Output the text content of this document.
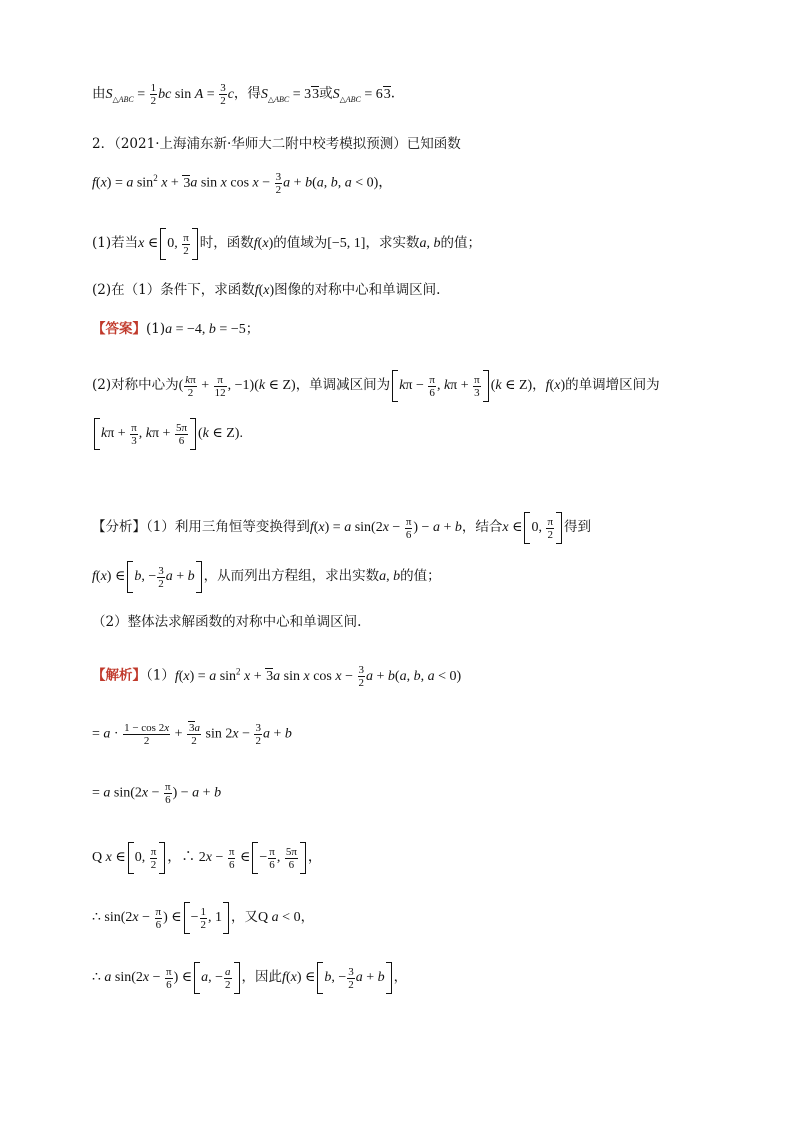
由$S_{\triangle ABC} = \frac{1}{2}$ bc $\sin A = \frac{3}{2}$ c，得$S_{\triangle ABC} = 33$或$S_{\triangle ABC} = 63$.
2．（2021·上海浦东新·华师大二附中校考模拟预测）已知函数
f(x) = a $\sin^2 x + 3a$ sin x $\cos x - \frac{3}{2}$ a + b(a, b, a < 0)，
(1)若当x ∈ 0, $\frac{\pi}{2}$ 时，函数f(x)的值域为[−5, 1]，求实数a, b的值；
(2)在（1）条件下，求函数f(x)图像的对称中心和单调区间.
【答案】(1)a = −4, b = −5；
(2)对称中心为( $\frac{k\pi}{2} + \frac{\pi}{12}$ , −1)(k ∈ Z)，单调减区间为 $k\pi - \frac{\pi}{6}$ , $k\pi + \frac{\pi}{3} (k$ ∈ Z)，f(x)的单调增区间为
$k\pi + \frac{\pi}{3}$ , $k\pi + \frac{5\pi}{6} (k$ ∈ Z).
【分析】（1）利用三角恒等变换得到f(x) = a $\sin(2x - \frac{\pi}{6}$ ) − a + b，结合x ∈ 0, $\frac{\pi}{2}$ 得到
f(x) ∈ b, − $\frac{3}{2}$ a + b ，从而列出方程组，求出实数a, b的值；
（2）整体法求解函数的对称中心和单调区间.
【解析】（1）f(x) = a $\sin^2 x + 3a$ sin x $\cos x - \frac{3}{2}$ a + b(a, b, a < 0)
= $a \cdot \frac{1 - \cos 2x}{2} + \frac{3a}{2}$ $\sin 2x - \frac{3}{2}$ a + b
= a $\sin(2x - \frac{\pi}{6}$ ) − a + b
Q x ∈ 0, $\frac{\pi}{2}$ ，∴ $2x - \frac{\pi}{6}$ ∈ − $\frac{\pi}{6}$ , $\frac{5\pi}{6}$ ，
∴ $\sin(2x - \frac{\pi}{6}$ ) ∈ − $\frac{1}{2}$ , 1 ，又Q a < 0，
∴ a $\sin(2x - \frac{\pi}{6}$ ) ∈ a, − $\frac{a}{2}$ ，因此f(x) ∈ b, − $\frac{3}{2}$ a + b ，
